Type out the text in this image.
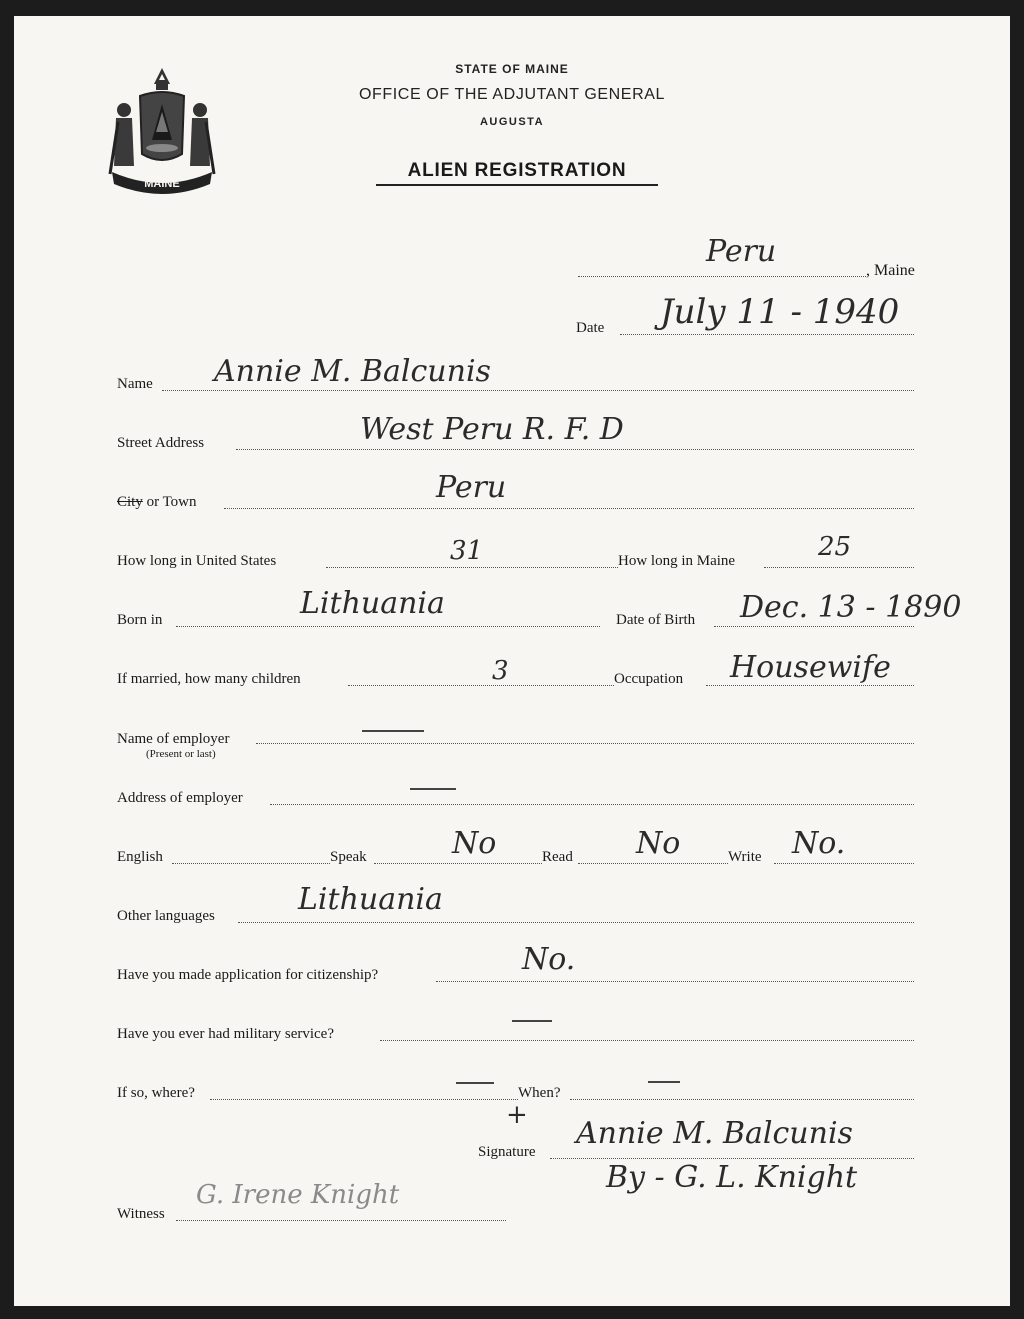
MAINE
STATE OF MAINE
OFFICE OF THE ADJUTANT GENERAL
AUGUSTA
ALIEN REGISTRATION
, Maine
Peru
Date July 11 - 1940
Name Annie M. Balcunis
Street Address	West Peru R. F. D
City or Town	Peru
How long in United States	31	How long in Maine	25
Born in	Lithuania	Date of Birth Dec. 13 - 1890
If married, how many children	3	Occupation Housewife
Name of employer
(Present or last)
Address of employer
English	Speak	No	Read No	Write No.
Other languages	Lithuania
Have you made application for citizenship?	No.
Have you ever had military service?
If so, where?	When?
+
Signature
Annie M. Balcunis
By - G. L. Knight
Witness
G. Irene Knight
